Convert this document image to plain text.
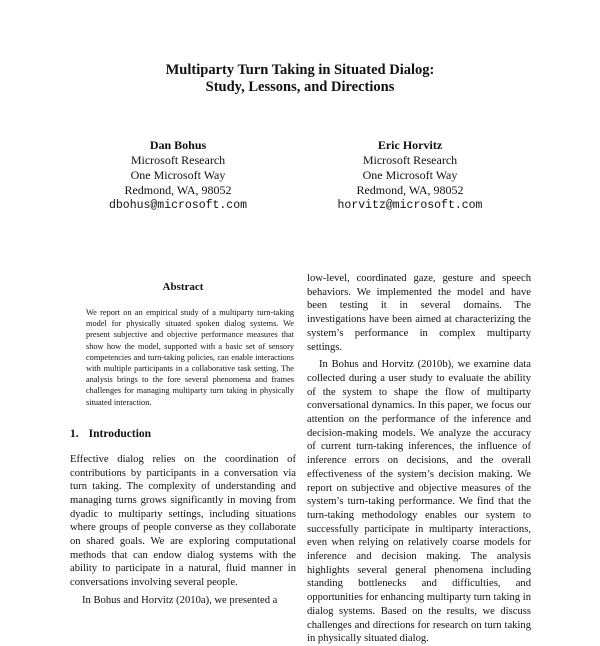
Multiparty Turn Taking in Situated Dialog:
Study, Lessons, and Directions
Dan Bohus
Microsoft Research
One Microsoft Way
Redmond, WA, 98052
dbohus@microsoft.com
Eric Horvitz
Microsoft Research
One Microsoft Way
Redmond, WA, 98052
horvitz@microsoft.com
Abstract

We report on an empirical study of a multiparty turn-taking model for physically situated spoken dialog systems. We present subjective and objective performance measures that show how the model, supported with a basic set of sensory competencies and turn-taking policies, can enable interactions with multiple participants in a collaborative task setting. The analysis brings to the fore several phenomena and frames challenges for managing multiparty turn taking in physically situated interaction.

1. Introduction

Effective dialog relies on the coordination of contributions by participants in a conversation via turn taking. The complexity of understanding and managing turns grows significantly in moving from dyadic to multiparty settings, including situations where groups of people converse as they collaborate on shared goals. We are exploring computational methods that can endow dialog systems with the ability to participate in a natural, fluid manner in conversations involving several people.

In Bohus and Horvitz (2010a), we presented a

low-level, coordinated gaze, gesture and speech behaviors. We implemented the model and have been testing it in several domains. The investigations have been aimed at characterizing the system’s performance in complex multiparty settings.

In Bohus and Horvitz (2010b), we examine data collected during a user study to evaluate the ability of the system to shape the flow of multiparty conversational dynamics. In this paper, we focus our attention on the performance of the inference and decision-making models. We analyze the accuracy of current turn-taking inferences, the influence of inference errors on decisions, and the overall effectiveness of the system’s decision making. We report on subjective and objective measures of the system’s turn-taking performance. We find that the turn-taking methodology enables our system to successfully participate in multiparty interactions, even when relying on relatively coarse models for inference and decision making. The analysis highlights several general phenomena including standing bottlenecks and difficulties, and opportunities for enhancing multiparty turn taking in dialog systems. Based on the results, we discuss challenges and directions for research on turn taking in physically situated dialog.
